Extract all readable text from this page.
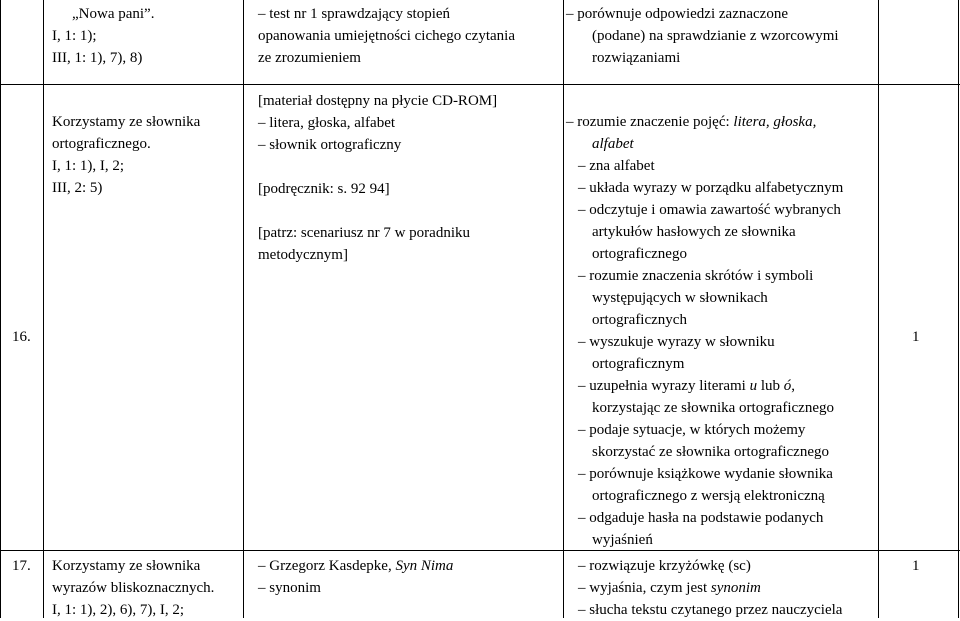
„Nowa pani”.
I, 1: 1);
III, 1: 1), 7), 8)
– test nr 1 sprawdzający stopień
opanowania umiejętności cichego czytania
ze zrozumieniem
– porównuje odpowiedzi zaznaczone
(podane) na sprawdzianie z wzorcowymi
rozwiązaniami
16.
Korzystamy ze słownika
ortograficznego.
I, 1: 1), I, 2;
III, 2: 5)
[materiał dostępny na płycie CD-ROM]
– litera, głoska, alfabet
– słownik ortograficzny
[podręcznik: s. 92 94]
[patrz: scenariusz nr 7 w poradniku
metodycznym]
– rozumie znaczenie pojęć: litera, głoska,
alfabet
– zna alfabet
– układa wyrazy w porządku alfabetycznym
– odczytuje i omawia zawartość wybranych
artykułów hasłowych ze słownika
ortograficznego
– rozumie znaczenia skrótów i symboli
występujących w słownikach
ortograficznych
– wyszukuje wyrazy w słowniku
ortograficznym
– uzupełnia wyrazy literami u lub ó,
korzystając ze słownika ortograficznego
– podaje sytuacje, w których możemy
skorzystać ze słownika ortograficznego
– porównuje książkowe wydanie słownika
ortograficznego z wersją elektroniczną
– odgaduje hasła na podstawie podanych
wyjaśnień
1
17. Korzystamy ze słownika
wyrazów bliskoznacznych.
I, 1: 1), 2), 6), 7), I, 2;
– Grzegorz Kasdepke, Syn Nima
– synonim
– rozwiązuje krzyżówkę (sc)
– wyjaśnia, czym jest synonim
– słucha tekstu czytanego przez nauczyciela
1
